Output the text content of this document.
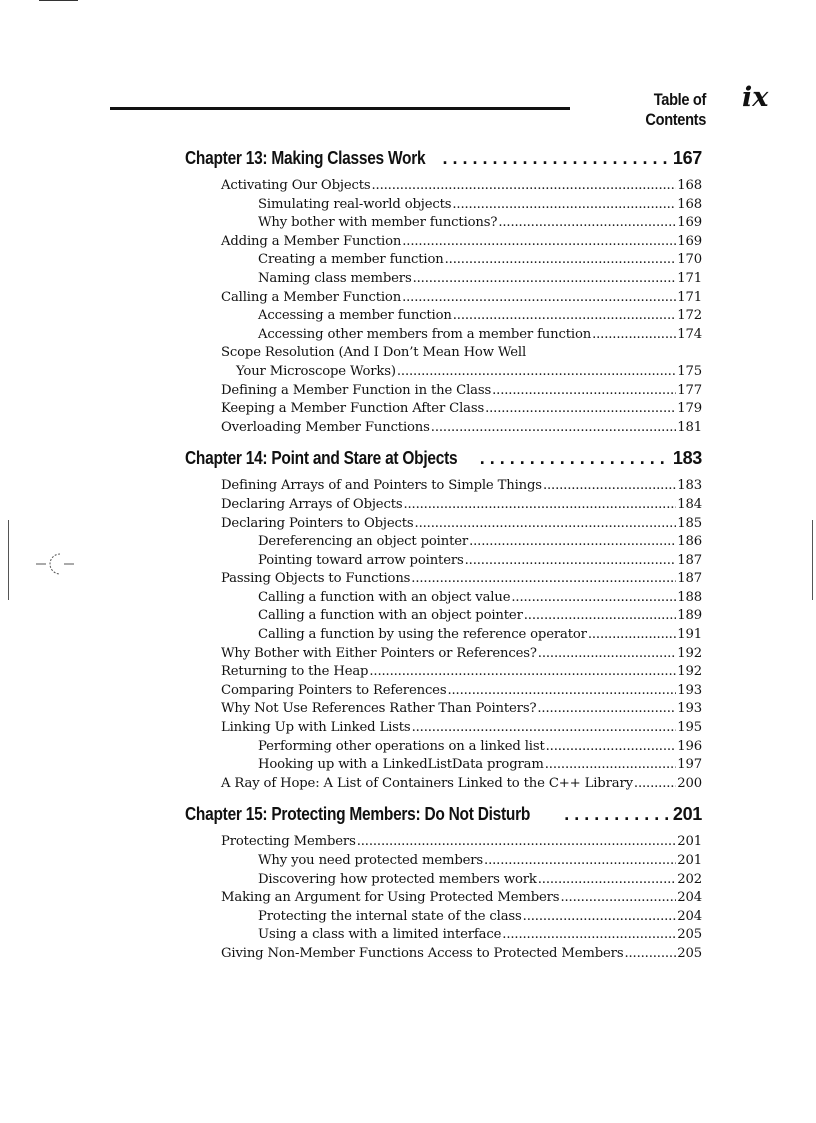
Table of Contents
ix
Chapter 13: Making Classes Work . . .	167
Activating Our Objects .....	168
Simulating real-world objects .....	168
Why bother with member functions? .....	169
Adding a Member Function .....	169
Creating a member function .....	170
Naming class members .....	171
Calling a Member Function .....	171
Accessing a member function .....	172
Accessing other members from a member function .....	174
Scope Resolution (And I Don’t Mean How Well
Your Microscope Works) .....	175
Defining a Member Function in the Class .....	177
Keeping a Member Function After Class .....	179
Overloading Member Functions .....	181
Chapter 14: Point and Stare at Objects . . .	183
Defining Arrays of and Pointers to Simple Things .....	183
Declaring Arrays of Objects .....	184
Declaring Pointers to Objects .....	185
Dereferencing an object pointer .....	186
Pointing toward arrow pointers .....	187
Passing Objects to Functions .....	187
Calling a function with an object value .....	188
Calling a function with an object pointer .....	189
Calling a function by using the reference operator .....	191
Why Bother with Either Pointers or References? .....	192
Returning to the Heap .....	192
Comparing Pointers to References .....	193
Why Not Use References Rather Than Pointers? .....	193
Linking Up with Linked Lists .....	195
Performing other operations on a linked list .....	196
Hooking up with a LinkedListData program .....	197
A Ray of Hope: A List of Containers Linked to the C++ Library .....	200
Chapter 15: Protecting Members: Do Not Disturb . . .	201
Protecting Members .....	201
Why you need protected members .....	201
Discovering how protected members work .....	202
Making an Argument for Using Protected Members .....	204
Protecting the internal state of the class .....	204
Using a class with a limited interface .....	205
Giving Non-Member Functions Access to Protected Members .....	205
